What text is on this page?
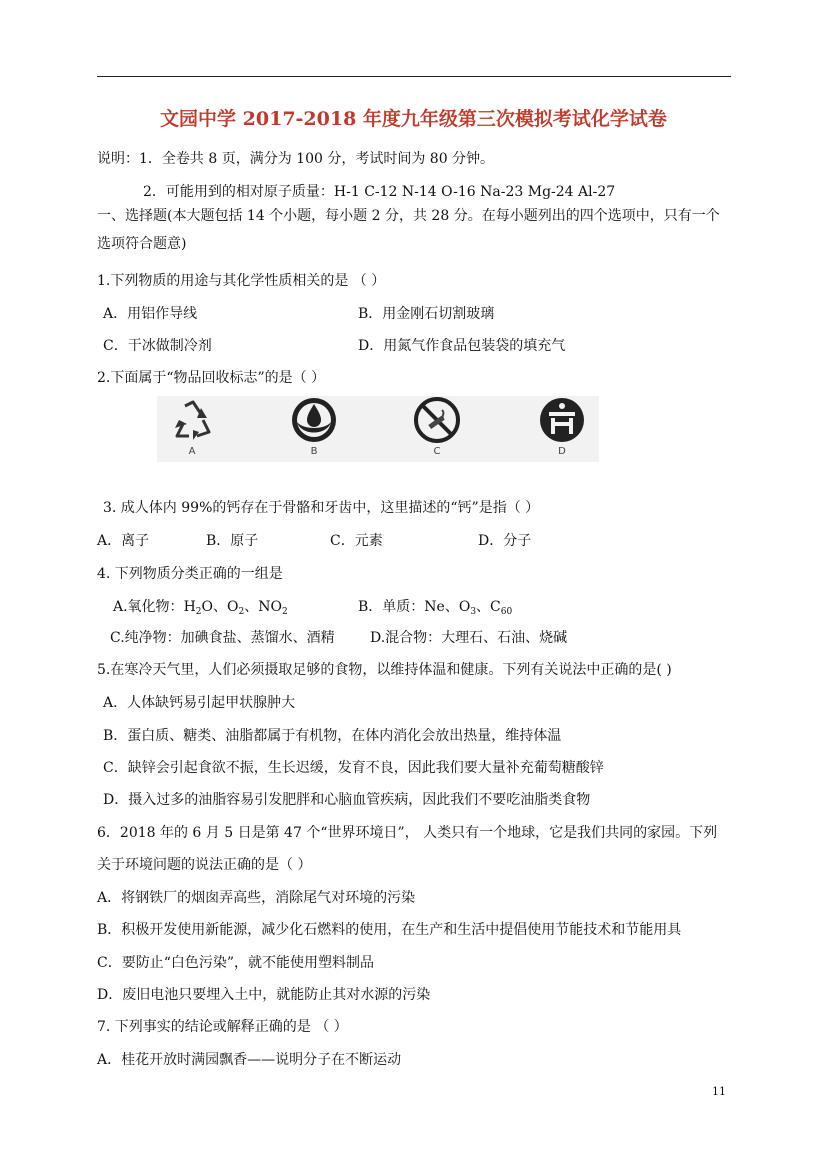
文园中学 2017-2018 年度九年级第三次模拟考试化学试卷
说明：1．全卷共 8 页，满分为 100 分，考试时间为 80 分钟。
2．可能用到的相对原子质量：H-1 C-12 N-14 O-16 Na-23 Mg-24 Al-27
一、选择题(本大题包括 14 个小题，每小题 2 分，共 28 分。在每小题列出的四个选项中，只有一个
选项符合题意)
1.下列物质的用途与其化学性质相关的是 （ ）
A．用铝作导线	B．用金刚石切割玻璃
C．干冰做制冷剂	D．用氮气作食品包装袋的填充气
2.下面属于“物品回收标志”的是（ ）
A	B	C	D
3. 成人体内 99%的钙存在于骨骼和牙齿中，这里描述的“钙”是指（ ）
A．离子	B．原子	C．元素	D．分子
4. 下列物质分类正确的一组是
A.氧化物：$H_2O$、$O_2$、$NO_2$	B．单质：Ne、$O_3$、$C_{60}$
C.纯净物：加碘食盐、蒸馏水、酒精	D.混合物：大理石、石油、烧碱
5.在寒冷天气里，人们必须摄取足够的食物，以维持体温和健康。下列有关说法中正确的是( )
A．人体缺钙易引起甲状腺肿大
B．蛋白质、糖类、油脂都属于有机物，在体内消化会放出热量，维持体温
C．缺锌会引起食欲不振，生长迟缓，发育不良，因此我们要大量补充葡萄糖酸锌
D．摄入过多的油脂容易引发肥胖和心脑血管疾病，因此我们不要吃油脂类食物
6．2018 年的 6 月 5 日是第 47 个“世界环境日”， 人类只有一个地球，它是我们共同的家园。下列
关于环境问题的说法正确的是（ ）
A．将钢铁厂的烟囱弄高些，消除尾气对环境的污染
B．积极开发使用新能源，减少化石燃料的使用，在生产和生活中提倡使用节能技术和节能用具
C．要防止“白色污染”，就不能使用塑料制品
D．废旧电池只要埋入土中，就能防止其对水源的污染
7. 下列事实的结论或解释正确的是 （ ）
A．桂花开放时满园飘香——说明分子在不断运动
11
